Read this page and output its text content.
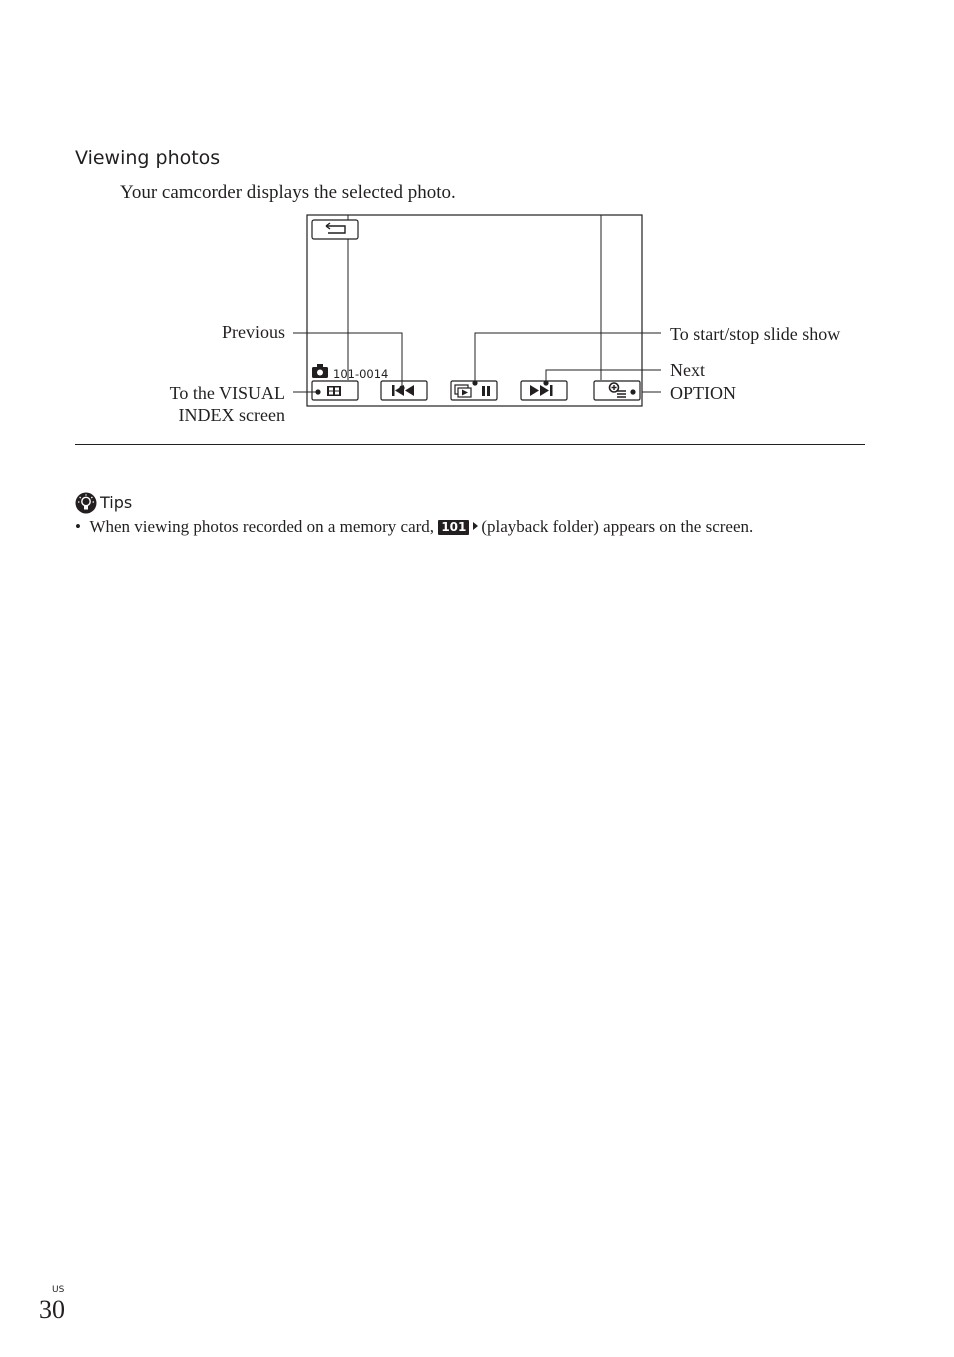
Viewing photos
Your camcorder displays the selected photo.
101-0014
Previous	To start/stop slide show
Next
OPTION
To the VISUAL
INDEX screen
Tips
•  When viewing photos recorded on a memory card, 101 (playback folder) appears on the screen.
US
30
